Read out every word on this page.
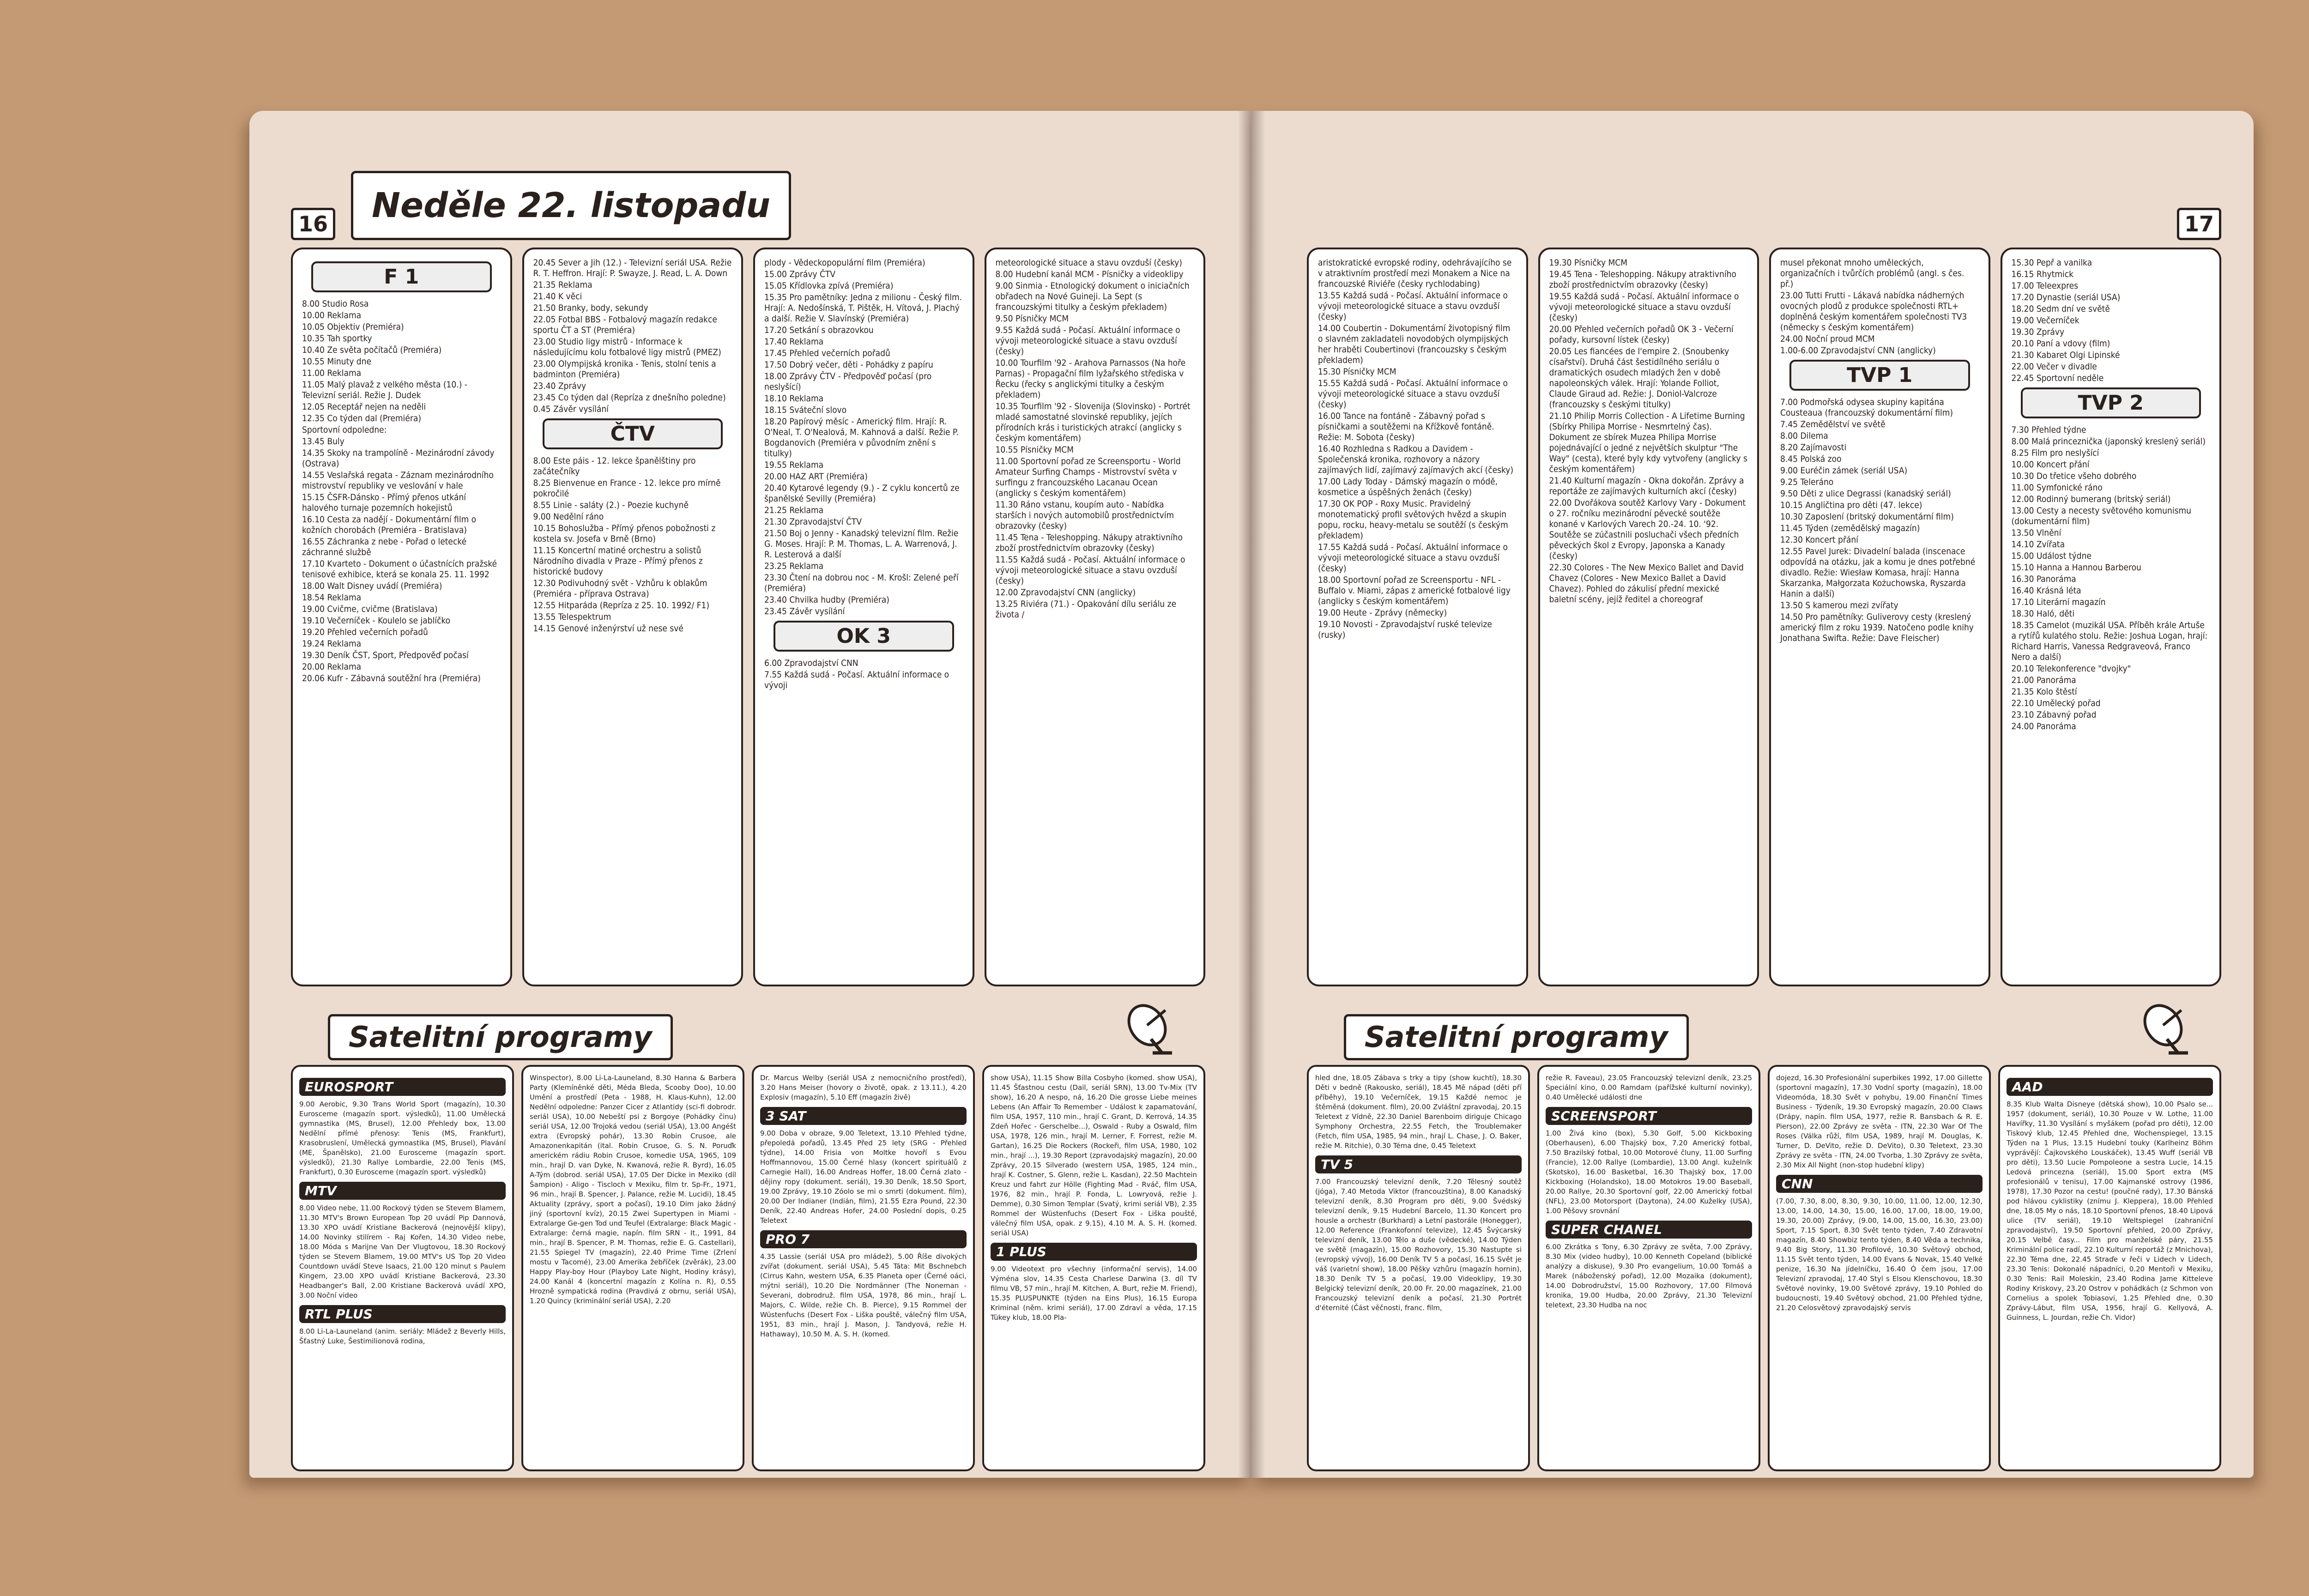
16	Neděle 22. listopadu
F 1
8.00 Studio Rosa
10.00 Reklama
10.05 Objektiv (Premiéra)
10.35 Tah sportky
10.40 Ze světa počítačů (Premiéra)
10.55 Minuty dne
11.00 Reklama
11.05 Malý plavaž z velkého města (10.) - Televizní seriál. Režie J. Dudek
12.05 Receptář nejen na neděli
12.35 Co týden dal (Premiéra)
Sportovní odpoledne:
13.45 Buly
14.35 Skoky na trampolíně - Mezinárodní závody (Ostrava)
14.55 Veslařská regata - Záznam mezinárodního mistrovství republiky ve veslování v hale
15.15 ČSFR-Dánsko - Přímý přenos utkání halového turnaje pozemních hokejistů
16.10 Cesta za nadějí - Dokumentární film o kožních chorobách (Premiéra - Bratislava)
16.55 Záchranka z nebe - Pořad o letecké záchranné službě
17.10 Kvarteto - Dokument o účastnících pražské tenisové exhibice, která se konala 25. 11. 1992
18.00 Walt Disney uvádí (Premiéra)
18.54 Reklama
19.00 Cvičme, cvičme (Bratislava)
19.10 Večerníček - Koulelo se jablíčko
19.20 Přehled večerních pořadů
19.24 Reklama
19.30 Deník ČST, Sport, Předpověď počasí
20.00 Reklama
20.06 Kufr - Zábavná soutěžní hra (Premiéra)
20.45 Sever a Jih (12.) - Televizní seriál USA. Režie R. T. Heffron. Hrají: P. Swayze, J. Read, L. A. Down
21.35 Reklama
21.40 K věci
21.50 Branky, body, sekundy
22.05 Fotbal BBS - Fotbalový magazín redakce sportu ČT a ST (Premiéra)
23.00 Studio ligy mistrů - Informace k následujícímu kolu fotbalové ligy mistrů (PMEZ)
23.00 Olympijská kronika - Tenis, stolní tenis a badminton (Premiéra)
23.40 Zprávy
23.45 Co týden dal (Repríza z dnešního poledne)
0.45 Závěr vysílání
ČTV
8.00 Este páis - 12. lekce španělštiny pro začátečníky
8.25 Bienvenue en France - 12. lekce pro mírně pokročilé
8.55 Linie - saláty (2.) - Poezie kuchyně
9.00 Nedělní ráno
10.15 Bohoslužba - Přímý přenos pobožnosti z kostela sv. Josefa v Brně (Brno)
11.15 Koncertní matiné orchestru a solistů Národního divadla v Praze - Přímý přenos z historické budovy
12.30 Podivuhodný svět - Vzhůru k oblakům (Premiéra - příprava Ostrava)
12.55 Hitparáda (Repríza z 25. 10. 1992/ F1)
13.55 Telespektrum
14.15 Genové inženýrství už nese své
plody - Vědeckopopulární film (Premiéra)
15.00 Zprávy ČTV
15.05 Křídlovka zpívá (Premiéra)
15.35 Pro pamětníky: Jedna z milionu - Český film. Hrají: A. Nedošínská, T. Pištěk, H. Vítová, J. Plachý a další. Režie V. Slavínský (Premiéra)
17.20 Setkání s obrazovkou
17.40 Reklama
17.45 Přehled večerních pořadů
17.50 Dobrý večer, děti - Pohádky z papíru
18.00 Zprávy ČTV - Předpověď počasí (pro neslyšící)
18.10 Reklama
18.15 Sváteční slovo
18.20 Papírový měsíc - Americký film. Hrají: R. O'Neal, T. O'Nealová, M. Kahnová a další. Režie P. Bogdanovich (Premiéra v původním znění s titulky)
19.55 Reklama
20.00 HAZ ART (Premiéra)
20.40 Kytarové legendy (9.) - Z cyklu koncertů ze španělské Sevilly (Premiéra)
21.25 Reklama
21.30 Zpravodajství ČTV
21.50 Boj o Jenny - Kanadský televizní film. Režie G. Moses. Hrají: P. M. Thomas, L. A. Warrenová, J. R. Lesterová a další
23.25 Reklama
23.30 Čtení na dobrou noc - M. Krošl: Zelené peří (Premiéra)
23.40 Chvilka hudby (Premiéra)
23.45 Závěr vysílání
OK 3
6.00 Zpravodajství CNN
7.55 Každá sudá - Počasí. Aktuální informace o vývoji
meteorologické situace a stavu ovzduší (česky)
8.00 Hudební kanál MCM - Písničky a videoklipy
9.00 Sinmia - Etnologický dokument o iniciačních obřadech na Nové Guineji. La Sept (s francouzskými titulky a českým překladem)
9.50 Písničky MCM
9.55 Každá sudá - Počasí. Aktuální informace o vývoji meteorologické situace a stavu ovzduší (česky)
10.00 Tourfilm '92 - Arahova Parnassos (Na hoře Parnas) - Propagační film lyžařského střediska v Řecku (řecky s anglickými titulky a českým překladem)
10.35 Tourfilm '92 - Slovenija (Slovinsko) - Portrét mladé samostatné slovinské republiky, jejích přírodních krás i turistických atrakcí (anglicky s českým komentářem)
10.55 Písničky MCM
11.00 Sportovní pořad ze Screensportu - World Amateur Surfing Champs - Mistrovství světa v surfingu z francouzského Lacanau Ocean (anglicky s českým komentářem)
11.30 Ráno vstanu, koupím auto - Nabídka starších i nových automobilů prostřednictvím obrazovky (česky)
11.45 Tena - Teleshopping. Nákupy atraktivního zboží prostřednictvím obrazovky (česky)
11.55 Každá sudá - Počasí. Aktuální informace o vývoji meteorologické situace a stavu ovzduší (česky)
12.00 Zpravodajství CNN (anglicky)
13.25 Riviéra (71.) - Opakování dílu seriálu ze života /
Satelitní programy
EUROSPORT
9.00 Aerobic, 9.30 Trans World Sport (magazín), 10.30 Eurosceme (magazín sport. výsledků), 11.00 Umělecká gymnastika (MS, Brusel), 12.00 Přehledy box, 13.00 Nedělní přímé přenosy: Tenis (MS, Frankfurt), Krasobruslení, Umělecká gymnastika (MS, Brusel), Plavání (ME, Španělsko), 21.00 Eurosceme (magazín sport. výsledků), 21.30 Rallye Lombardie, 22.00 Tenis (MS, Frankfurt), 0.30 Eurosceme (magazín sport. výsledků)
MTV
8.00 Video nebe, 11.00 Rockový týden se Stevem Blamem, 11.30 MTV's Brown European Top 20 uvádí Pip Dannová, 13.30 XPO uvádí Kristiane Backerová (nejnovější klipy), 14.00 Novinky stilírem - Raj Kořen, 14.30 Video nebe, 18.00 Móda s Marijne Van Der Vlugtovou, 18.30 Rockový týden se Stevem Blamem, 19.00 MTV's US Top 20 Video Countdown uvádí Steve Isaacs, 21.00 120 minut s Paulem Kingem, 23.00 XPO uvádí Kristiane Backerová, 23.30 Headbanger's Ball, 2.00 Kristiane Backerová uvádí XPO, 3.00 Noční video
RTL PLUS
8.00 Li-La-Launeland (anim. seriály: Mládež z Beverly Hills, Šťastný Luke, Šestimilionová rodina,
Winspector), 8.00 Li-La-Launeland, 8.30 Hanna & Barbera Party (Klemíněnké děti, Méda Bleda, Scooby Doo), 10.00 Umění a prostředí (Peta - 1988, H. Klaus-Kuhn), 12.00 Nedělní odpoledne: Panzer Cicer z Atlantidy (sci-fi dobrodr. seriál USA), 10.00 Nebeští psi z Borgoye (Pohádky činu) seriál USA, 12.00 Trojoká vedou (seriál USA), 13.00 Angéšt extra (Evropský pohár), 13.30 Robin Crusoe, ale Amazonenkapitán (ital. Robin Crusoe, G. S. N. Poruďk americkém rádiu Robin Crusoe, komedie USA, 1965, 109 min., hrají D. van Dyke, N. Kwanová, režie R. Byrd), 16.05 A-Tým (dobrod. seriál USA), 17.05 Der Dicke in Mexiko (díl Šampion) - Aligo - Tiscloch v Mexiku, film tr. Sp-Fr., 1971, 96 min., hrají B. Spencer, J. Palance, režie M. Lucidi), 18.45 Aktuality (zprávy, sport a počasí), 19.10 Dim jako žádný jiný (sportovní kvíz), 20.15 Zwei Supertypen in Miami - Extralarge Ge-gen Tod und Teufel (Extralarge: Black Magic - Extralarge: černá magie, napín. film SRN - It., 1991, 84 min., hrají B. Spencer, P. M. Thomas, režie E. G. Castellari), 21.55 Spiegel TV (magazín), 22.40 Prime Time (Zrlení mostu v Tacomé), 23.00 Amerika žebříček (zvěrák), 23.00 Happy Play-boy Hour (Playboy Late Night, Hodiny krásy), 24.00 Kanál 4 (koncertní magazín z Kolína n. R), 0.55 Hrozně sympatická rodina (Pravdivá z obrnu, seriál USA), 1.20 Quincy (kriminální seriál USA), 2.20
Dr. Marcus Welby (seriál USA z nemocničního prostředí), 3.20 Hans Meiser (hovory o životě, opak. z 13.11.), 4.20 Explosiv (magazín), 5.10 Eff (magazín živě)
3 SAT
9.00 Doba v obraze, 9.00 Teletext, 13.10 Přehled týdne, přepoledá pořadů, 13.45 Před 25 lety (SRG - Přehled týdne), 14.00 Frisia von Moltke hovoří s Evou Hoffmannovou, 15.00 Černé hlasy (koncert spirituálů z Carnegie Hall), 16.00 Andreas Hoffer, 18.00 Černá zlato - dějiny ropy (dokument. seriál), 19.30 Deník, 18.50 Sport, 19.00 Zprávy, 19.10 Zóolo se mi o smrti (dokument. film), 20.00 Der Indianer (Indián, film), 21.55 Ezra Pound, 22.30 Deník, 22.40 Andreas Hofer, 24.00 Poslední dopis, 0.25 Teletext
PRO 7
4.35 Lassie (seriál USA pro mládež), 5.00 Říše divokých zvířat (dokument. seriál USA), 5.45 Táta: Mit Bschnebch (Cirrus Kahn, western USA, 6.35 Planeta oper (Černé oáci, mýtni seriál), 10.20 Die Nordmänner (The Noneman - Severani, dobrodruž. film USA, 1978, 86 min., hrají L. Majors, C. Wilde, režie Ch. B. Pierce), 9.15 Rommel der Wüstenfuchs (Desert Fox - Liška pouště, válečný film USA, 1951, 83 min., hrají J. Mason, J. Tandyová, režie H. Hathaway), 10.50 M. A. S. H. (komed.
show USA), 11.15 Show Billa Cosbyho (komed. show USA), 11.45 Šťastnou cestu (Dail, seriál SRN), 13.00 Tv-Mix (TV show), 16.20 A nespo, ná, 16.20 Die grosse Liebe meines Lebens (An Affair To Remember - Událost k zapamatování, film USA, 1957, 110 min., hrají C. Grant, D. Kerrová, 14.35 Zdeň Hořec - Gerschelbe...), Oswald - Ruby a Oswald, film USA, 1978, 126 min., hrají M. Lerner, F. Forrest, režie M. Gartan), 16.25 Die Rockers (Rockeři, film USA, 1980, 102 min., hrají ...), 19.30 Report (zpravodajský magazín), 20.00 Zprávy, 20.15 Silverado (western USA, 1985, 124 min., hrají K. Costner, S. Glenn, režie L. Kasdan), 22.50 Machtein Kreuz und fahrt zur Hölle (Fighting Mad - Rváč, film USA, 1976, 82 min., hrají P. Fonda, L. Lowryová, režie J. Demme), 0.30 Simon Templar (Svatý, krimi seriál VB), 2.35 Rommel der Wüstenfuchs (Desert Fox - Liška pouště, válečný film USA, opak. z 9.15), 4.10 M. A. S. H. (komed. seriál USA)
1 PLUS
9.00 Videotext pro všechny (informační servis), 14.00 Výména slov, 14.35 Cesta Charlese Darwina (3. díl TV filmu VB, 57 min., hrají M. Kitchen, A. Burt, režie M. Friend), 15.35 PLUSPUNKTE (týden na Eins Plus), 16.15 Europa Kriminal (něm. krimi seriál), 17.00 Zdraví a věda, 17.15 Tükey klub, 18.00 Pla-
17
aristokratické evropské rodiny, odehrávajícího se v atraktivním prostředí mezi Monakem a Nice na francouzské Riviéře (česky rychlodabing)
13.55 Každá sudá - Počasí. Aktuální informace o vývoji meteorologické situace a stavu ovzduší (česky)
14.00 Coubertin - Dokumentární životopisný film o slavném zakladateli novodobých olympijských her hraběti Coubertinovi (francouzsky s českým překladem)
15.30 Písničky MCM
15.55 Každá sudá - Počasí. Aktuální informace o vývoji meteorologické situace a stavu ovzduší (česky)
16.00 Tance na fontáně - Zábavný pořad s písničkami a soutěžemi na Křížkově fontáně. Režie: M. Sobota (česky)
16.40 Rozhledna s Radkou a Davidem - Společenská kronika, rozhovory a názory zajímavých lidí, zajímavý zajímavých akcí (česky)
17.00 Lady Today - Dámský magazín o módě, kosmetice a úspěšných ženách (česky)
17.30 OK POP - Roxy Music. Pravidelný monotematický profil světových hvězd a skupin popu, rocku, heavy-metalu se soutěží (s českým překladem)
17.55 Každá sudá - Počasí. Aktuální informace o vývoji meteorologické situace a stavu ovzduší (česky)
18.00 Sportovní pořad ze Screensportu - NFL - Buffalo v. Miami, zápas z americké fotbalové ligy (anglicky s českým komentářem)
19.00 Heute - Zprávy (německy)
19.10 Novosti - Zpravodajství ruské televize (rusky)
19.30 Písničky MCM
19.45 Tena - Teleshopping. Nákupy atraktivního zboží prostřednictvím obrazovky (česky)
19.55 Každá sudá - Počasí. Aktuální informace o vývoji meteorologické situace a stavu ovzduší (česky)
20.00 Přehled večerních pořadů OK 3 - Večerní pořady, kursovní lístek (česky)
20.05 Les fiancées de l'empire 2. (Snoubenky císařství). Druhá část šestidílného seriálu o dramatických osudech mladých žen v době napoleonských válek. Hrají: Yolande Folliot, Claude Giraud ad. Režie: J. Doniol-Valcroze (francouzsky s českými titulky)
21.10 Philip Morris Collection - A Lifetime Burning (Sbírky Philipa Morrise - Nesmrtelný čas). Dokument ze sbírek Muzea Philipa Morrise pojednávající o jedné z největších skulptur "The Way" (cesta), které byly kdy vytvořeny (anglicky s českým komentářem)
21.40 Kulturní magazín - Okna dokořán. Zprávy a reportáže ze zajímavých kulturních akcí (česky)
22.00 Dvořákova soutěž Karlovy Vary - Dokument o 27. ročníku mezinárodní pěvecké soutěže konané v Karlových Varech 20.-24. 10. '92. Soutěže se zúčastnili posluchači všech předních pěveckých škol z Evropy, Japonska a Kanady (česky)
22.30 Colores - The New Mexico Ballet and David Chavez (Colores - New Mexico Ballet a David Chavez). Pohled do zákulisí přední mexické baletní scény, jejíž ředitel a choreograf
musel překonat mnoho uměleckých, organizačních i tvůrčích problémů (angl. s čes. př.)
23.00 Tutti Frutti - Lákavá nabídka nádherných ovocných plodů z produkce společnosti RTL+ doplněná českým komentářem společnosti TV3 (německy s českým komentářem)
24.00 Noční proud MCM
1.00-6.00 Zpravodajství CNN (anglicky)
TVP 1
7.00 Podmořská odysea skupiny kapitána Cousteaua (francouzský dokumentární film)
7.45 Zemědělství ve světě
8.00 Dilema
8.20 Zajímavosti
8.45 Polská zoo
9.00 Euréčin zámek (seriál USA)
9.25 Teleráno
9.50 Děti z ulice Degrassi (kanadský seriál)
10.15 Angličtina pro děti (47. lekce)
10.30 Zaposlení (britský dokumentární film)
11.45 Týden (zemědělský magazín)
12.30 Koncert přání
12.55 Pavel Jurek: Divadelní balada (inscenace odpovídá na otázku, jak a komu je dnes potřebné divadlo. Režie: Wiesław Komasa, hrají: Hanna Skarzanka, Małgorzata Kożuchowska, Ryszarda Hanin a další)
13.50 S kamerou mezi zvířaty
14.50 Pro pamětníky: Guliverovy cesty (kreslený americký film z roku 1939. Natočeno podle knihy Jonathana Swifta. Režie: Dave Fleischer)
15.30 Pepř a vanilka
16.15 Rhytmick
17.00 Teleexpres
17.20 Dynastie (seriál USA)
18.20 Sedm dní ve světě
19.00 Večerníček
19.30 Zprávy
20.10 Paní a vdovy (film)
21.30 Kabaret Olgi Lipinské
22.00 Večer v divadle
22.45 Sportovní neděle
TVP 2
7.30 Přehled týdne
8.00 Malá princeznička (japonský kreslený seriál)
8.25 Film pro neslyšící
10.00 Koncert přání
10.30 Do třetice všeho dobrého
11.00 Symfonické ráno
12.00 Rodinný bumerang (britský seriál)
13.00 Cesty a necesty světového komunismu (dokumentární film)
13.50 Vlnění
14.10 Zvířata
15.00 Událost týdne
15.10 Hanna a Hannou Barberou
16.30 Panoráma
16.40 Krásná léta
17.10 Literární magazín
18.30 Haló, děti
18.35 Camelot (muzikál USA. Příběh krále Artuše a rytířů kulatého stolu. Režie: Joshua Logan, hrají: Richard Harris, Vanessa Redgraveová, Franco Nero a další)
20.10 Telekonference "dvojky"
21.00 Panoráma
21.35 Kolo štěstí
22.10 Umělecký pořad
23.10 Zábavný pořad
24.00 Panoráma
Satelitní programy
hled dne, 18.05 Zábava s trky a tipy (show kuchtí), 18.30 Děti v bedně (Rakousko, seriál), 18.45 Mě nápad (děti pří příběhy), 19.10 Večerníček, 19.15 Každé nemoc je štěměná (dokument. film), 20.00 Zvláštní zpravodaj, 20.15 Teletext z Vídně, 22.30 Daniel Barenboim diriguje Chicago Symphony Orchestra, 22.55 Fetch, the Troublemaker (Fetch, film USA, 1985, 94 min., hrají L. Chase, J. O. Baker, režie M. Ritchie), 0.30 Téma dne, 0.45 Teletext
TV 5
7.00 Francouzský televizní deník, 7.20 Tělesný soutěž (jóga), 7.40 Metoda Viktor (francouzština), 8.00 Kanadský televizní deník, 8.30 Program pro děti, 9.00 Švédský televizní deník, 9.15 Hudební Barcelo, 11.30 Koncert pro housle a orchestr (Burkhard) a Letní pastorále (Honegger), 12.00 Reference (Frankofonní televize), 12.45 Švýcarský televizní deník, 13.00 Tělo a duše (vědecké), 14.00 Týden ve světě (magazín), 15.00 Rozhovory, 15.30 Nastupte si (evropský vývoj), 16.00 Deník TV 5 a počasí, 16.15 Svět je váš (varietní show), 18.00 Pěšky vzhůru (magazín hornin), 18.30 Deník TV 5 a počasí, 19.00 Videoklipy, 19.30 Belgický televizní deník, 20.00 Fr. 20.00 magazínek, 21.00 Francouzský televizní deník a počasí, 21.30 Portrét d'éternité (Část věčnosti, franc. film,
režie R. Faveau), 23.05 Francouzský televizní deník, 23.25 Speciální kino, 0.00 Ramdam (pařížské kulturní novinky), 0.40 Umělecké události dne
SCREENSPORT
1.00 Živá kino (box), 5.30 Golf, 5.00 Kickboxing (Oberhausen), 6.00 Thajský box, 7.20 Americký fotbal, 7.50 Brazilský fotbal, 10.00 Motorové čluny, 11.00 Surfing (Francie), 12.00 Rallye (Lombardie), 13.00 Angl. kuželník (Skotsko), 16.00 Basketbal, 16.30 Thajský box, 17.00 Kickboxing (Holandsko), 18.00 Motokros 19.00 Baseball, 20.00 Rallye, 20.30 Sportovní golf, 22.00 Americký fotbal (NFL), 23.00 Motorsport (Daytona), 24.00 Kuželky (USA), 1.00 Pěšovy srovnání
SUPER CHANEL
6.00 Zkrátka s Tony, 6.30 Zprávy ze světa, 7.00 Zprávy, 8.30 Mix (video hudby), 10.00 Kenneth Copeland (biblické analýzy a diskuse), 9.30 Pro evangelium, 10.00 Tomáš a Marek (náboženský pořad), 12.00 Mozaika (dokument), 14.00 Dobrodružství, 15.00 Rozhovory, 17.00 Filmová kronika, 19.00 Hudba, 20.00 Zprávy, 21.30 Televizní teletext, 23.30 Hudba na noc
dojezd, 16.30 Profesionální superbikes 1992, 17.00 Gillette (sportovní magazín), 17.30 Vodní sporty (magazín), 18.00 Videomóda, 18.30 Svět v pohybu, 19.00 Finanční Times Business - Týdeník, 19.30 Evropský magazín, 20.00 Claws (Drápy, napín. film USA, 1977, režie R. Bansbach & R. E. Pierson), 22.00 Zprávy ze světa - ITN, 22.30 War Of The Roses (Válka růží, film USA, 1989, hrají M. Douglas, K. Turner, D. DeVito, režie D. DeVito), 0.30 Teletext, 23.30 Zprávy ze světa - ITN, 24.00 Tvorba, 1.30 Zprávy ze světa, 2.30 Mix All Night (non-stop hudební klipy)
CNN
(7.00, 7.30, 8.00, 8.30, 9.30, 10.00, 11.00, 12.00, 12.30, 13.00, 14.00, 14.30, 15.00, 16.00, 17.00, 18.00, 19.00, 19.30, 20.00) Zprávy, (9.00, 14.00, 15.00, 16.30, 23.00) Sport, 7.15 Sport, 8.30 Svět tento týden, 7.40 Zdravotní magazín, 8.40 Showbiz tento týden, 8.40 Věda a technika, 9.40 Big Story, 11.30 Profilové, 10.30 Světový obchod, 11.15 Svět tento týden, 14.00 Evans & Novak, 15.40 Velké penize, 16.30 Na jídelníčku, 16.40 Ó čem jsou, 17.00 Televizní zpravodaj, 17.40 Styl s Elsou Klenschovou, 18.30 Světové novinky, 19.00 Světové zprávy, 19.10 Pohled do budoucnosti, 19.40 Světový obchod, 21.00 Přehled týdne, 21.20 Celosvětový zpravodajský servis
AAD
8.35 Klub Walta Disneye (dětská show), 10.00 Psalo se... 1957 (dokument, seriál), 10.30 Pouze v W. Lothe, 11.00 Havířky, 11.30 Vysílání s myšákem (pořad pro děti), 12.00 Tiskový klub, 12.45 Přehled dne, Wochenspiegel, 13.15 Týden na 1 Plus, 13.15 Hudební touky (Karlheinz Böhm vyprávějí: Čajkovského Louskáček), 13.45 Wuff (seriál VB pro děti), 13.50 Lucie Pompoleone a sestra Lucie, 14.15 Ledová princezna (seriál), 15.00 Sport extra (MS profesionálů v tenisu), 17.00 Kajmanské ostrovy (1986, 1978), 17.30 Pozor na cestu! (poučné rady), 17.30 Bánská pod hlávou cyklistiky (znímu J. Kleppera), 18.00 Přehled dne, 18.05 My o nás, 18.10 Sportovní přenos, 18.40 Lipová ulice (TV seriál), 19.10 Weltspiegel (zahraniční zpravodajství), 19.50 Sportovní přehled, 20.00 Zprávy, 20.15 Velbě časy... Film pro manželské páry, 21.55 Kriminální police radí, 22.10 Kulturní reportáž (z Mnichova), 22.30 Téma dne, 22.45 Straďe v řeči v Lidech v Lidech, 23.30 Tenis: Dokonalé nápadníci, 0.20 Mentoři v Mexiku, 0.30 Tenis: Rail Moleskin, 23.40 Rodina Jame Kitteleve Rodiny Kriskovy, 23.20 Ostrov v pohádkách (z Schmon von Cornelius a spolek Tobiasovi, 1.25 Přehled dne, 0.30 Zprávy-Lábut, film USA, 1956, hrají G. Kellyová, A. Guinness, L. Jourdan, režie Ch. Vidor)
